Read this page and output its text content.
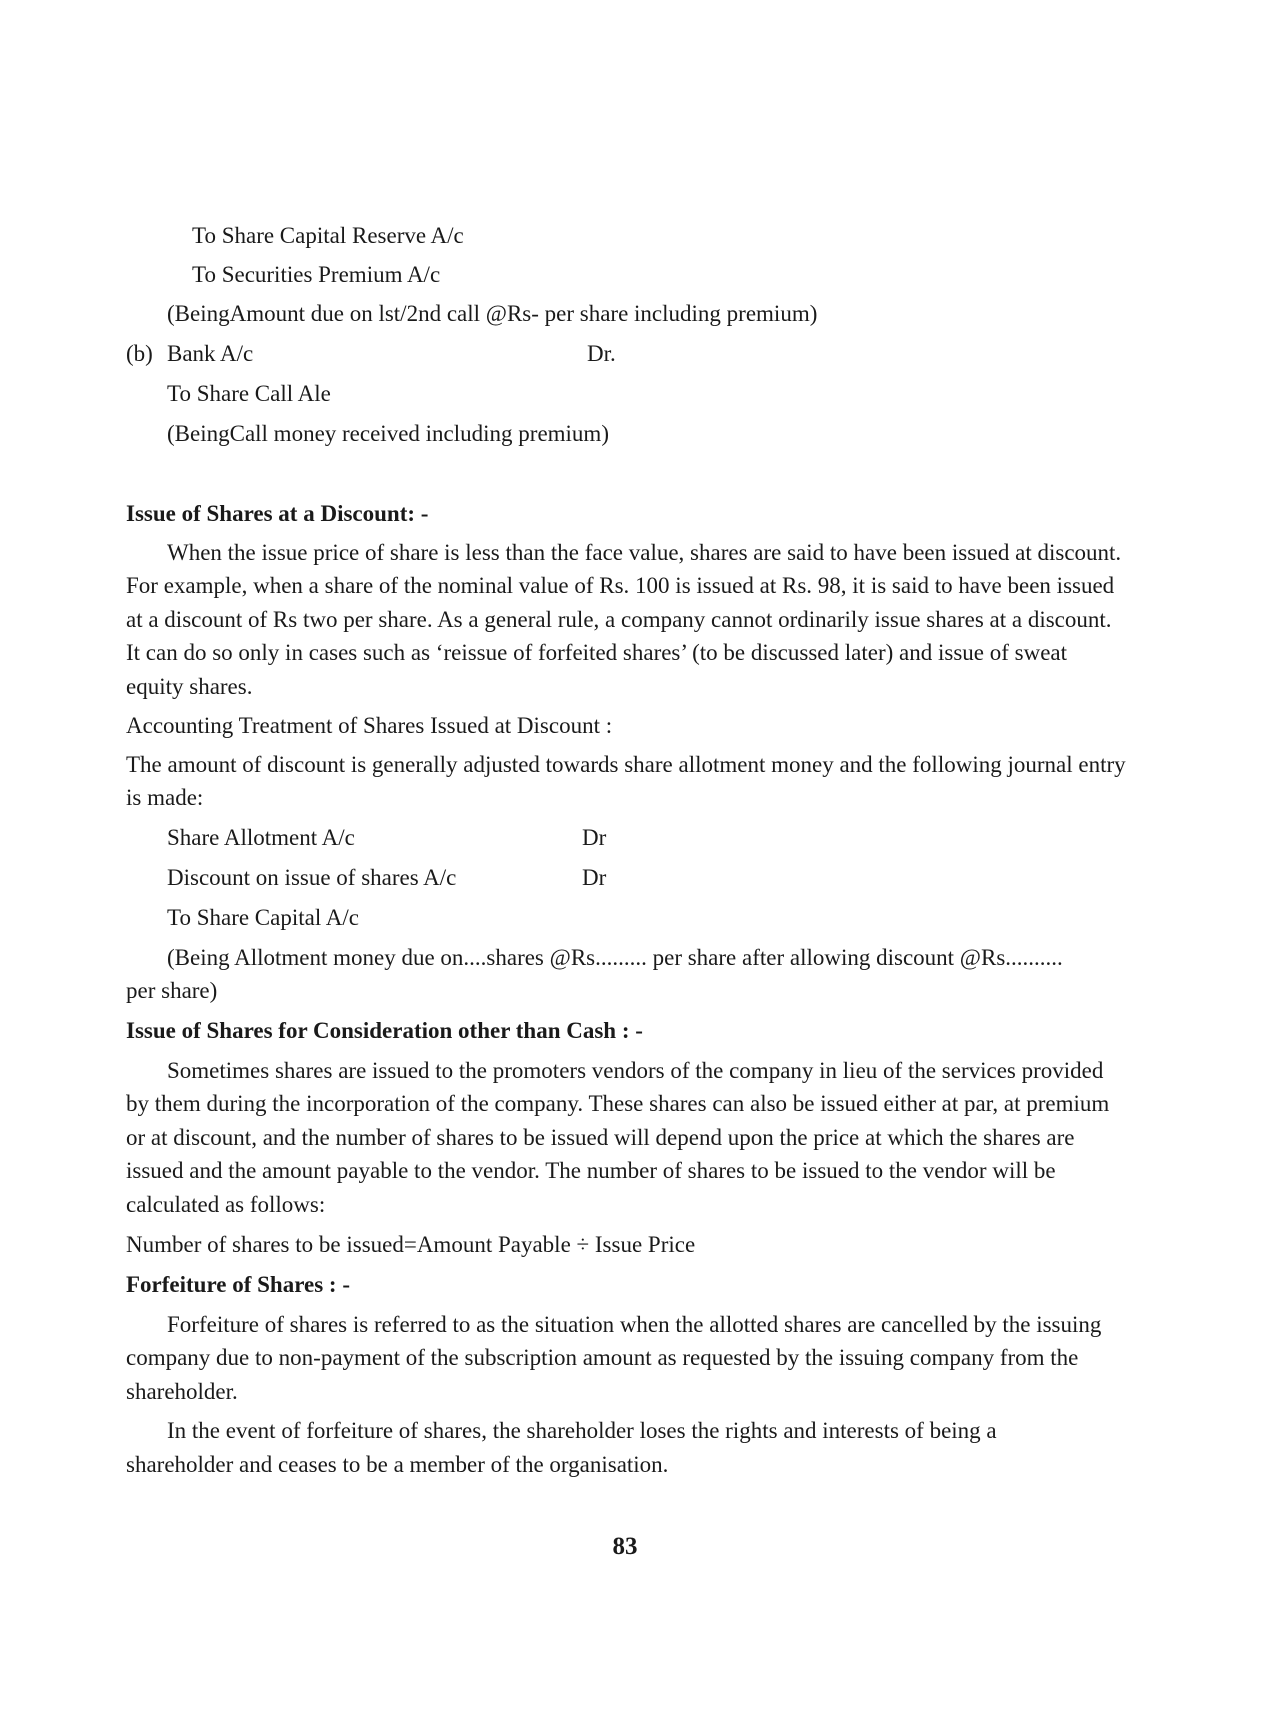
To Share Capital Reserve A/c
To Securities Premium A/c
(BeingAmount due on lst/2nd call @Rs- per share including premium)
(b) Bank A/c	Dr.
To Share Call Ale
(BeingCall money received including premium)
Issue of Shares at a Discount: -
When the issue price of share is less than the face value, shares are said to have been issued at discount.
For example, when a share of the nominal value of Rs. 100 is issued at Rs. 98, it is said to have been issued
at a discount of Rs two per share. As a general rule, a company cannot ordinarily issue shares at a discount.
It can do so only in cases such as ‘reissue of forfeited shares’ (to be discussed later) and issue of sweat
equity shares.
Accounting Treatment of Shares Issued at Discount :
The amount of discount is generally adjusted towards share allotment money and the following journal entry
is made:
Share Allotment A/c	Dr
Discount on issue of shares A/c	Dr
To Share Capital A/c
(Being Allotment money due on....shares @Rs......... per share after allowing discount @Rs..........
per share)
Issue of Shares for Consideration other than Cash : -
Sometimes shares are issued to the promoters vendors of the company in lieu of the services provided
by them during the incorporation of the company. These shares can also be issued either at par, at premium
or at discount, and the number of shares to be issued will depend upon the price at which the shares are
issued and the amount payable to the vendor. The number of shares to be issued to the vendor will be
calculated as follows:
Number of shares to be issued=Amount Payable ÷ Issue Price
Forfeiture of Shares : -
Forfeiture of shares is referred to as the situation when the allotted shares are cancelled by the issuing
company due to non-payment of the subscription amount as requested by the issuing company from the
shareholder.
In the event of forfeiture of shares, the shareholder loses the rights and interests of being a
shareholder and ceases to be a member of the organisation.
83
